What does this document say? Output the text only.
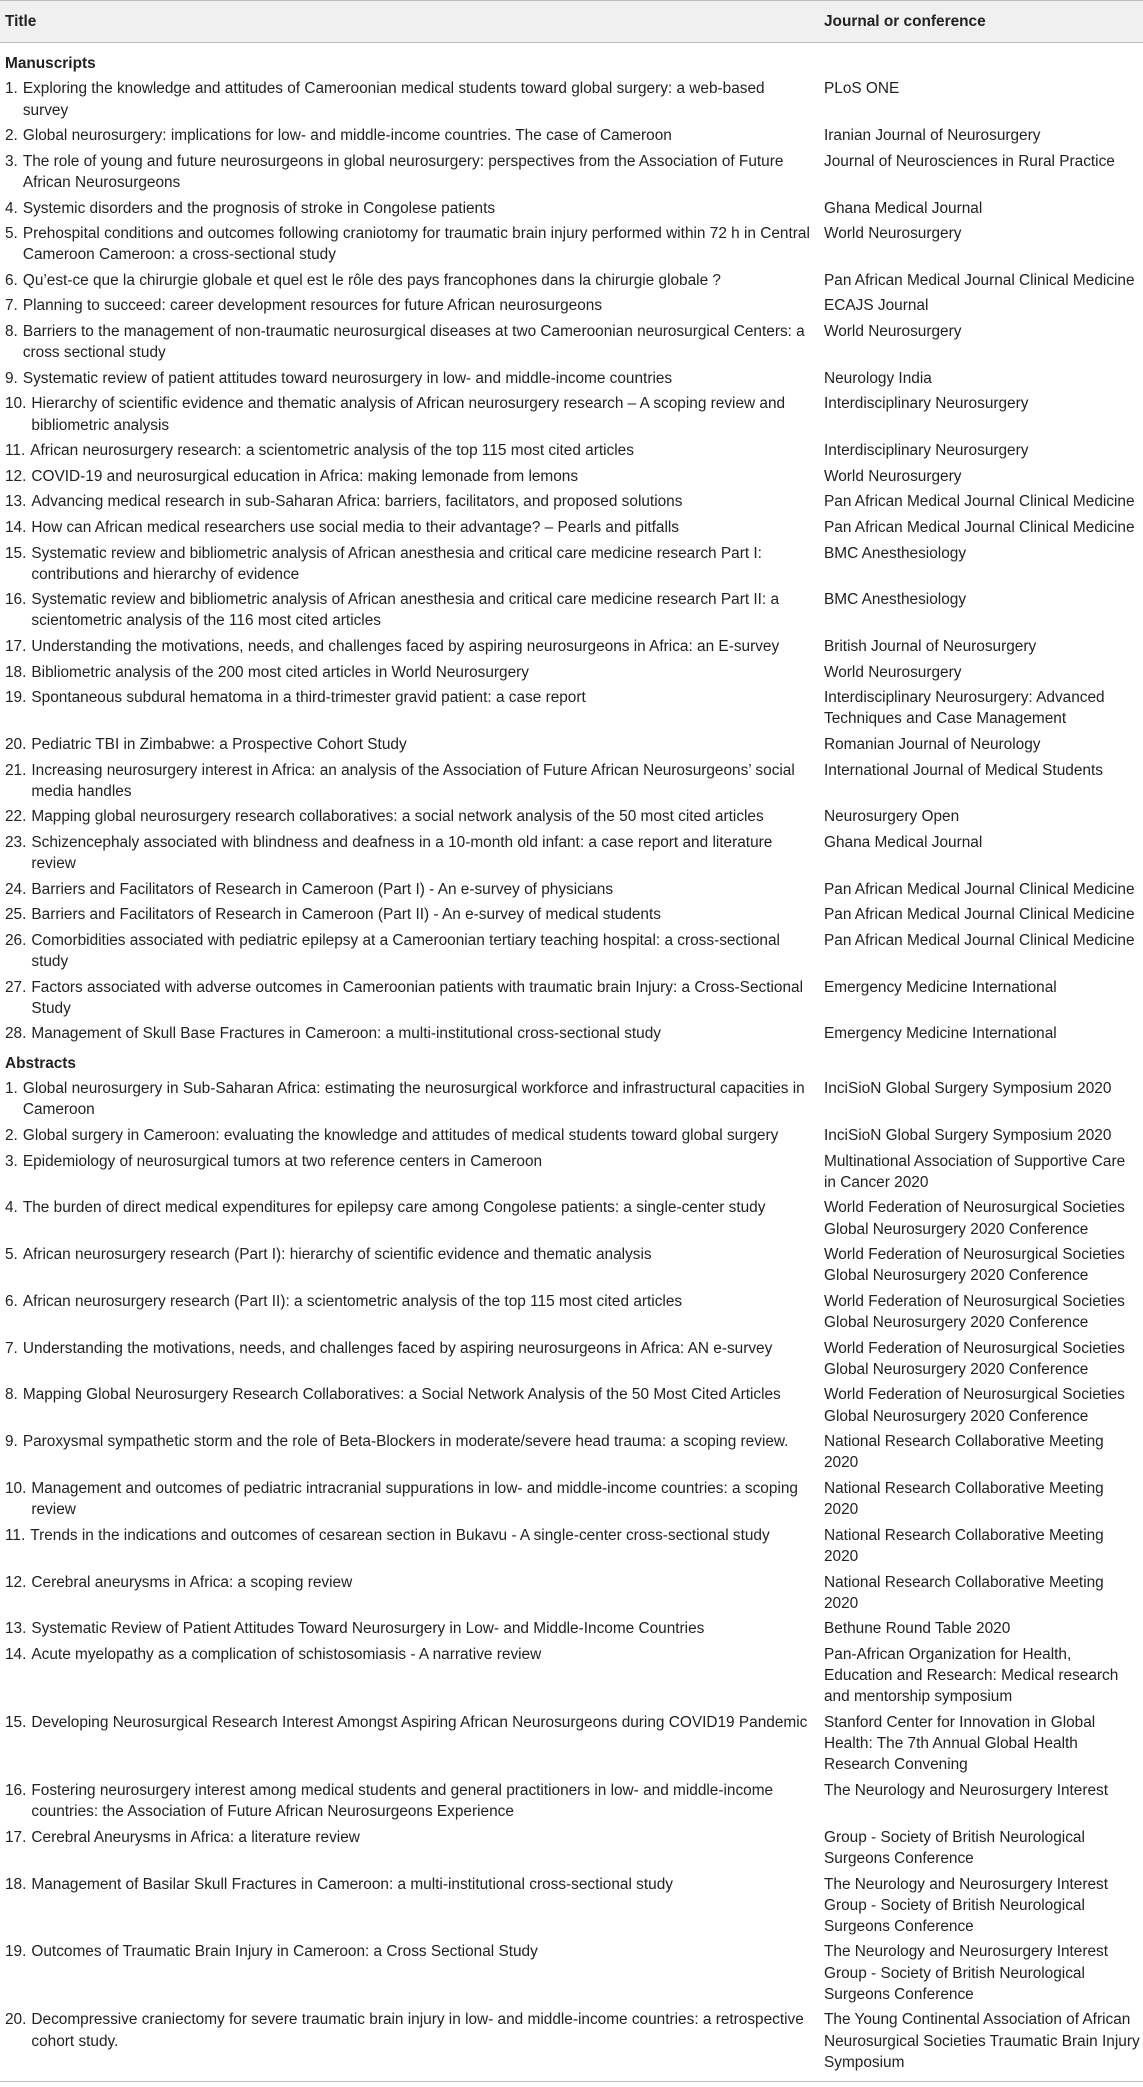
Title	Journal or conference
Manuscripts	

1. Exploring the knowledge and attitudes of Cameroonian medical students toward global surgery: a web-based survey	PLoS ONE

2. Global neurosurgery: implications for low- and middle-income countries. The case of Cameroon	Iranian Journal of Neurosurgery

3. The role of young and future neurosurgeons in global neurosurgery: perspectives from the Association of Future African Neurosurgeons	Journal of Neurosciences in Rural Practice

4. Systemic disorders and the prognosis of stroke in Congolese patients	Ghana Medical Journal

5. Prehospital conditions and outcomes following craniotomy for traumatic brain injury performed within 72 h in Central Cameroon Cameroon: a cross-sectional study	World Neurosurgery

6. Qu’est-ce que la chirurgie globale et quel est le rôle des pays francophones dans la chirurgie globale ?	Pan African Medical Journal Clinical Medicine

7. Planning to succeed: career development resources for future African neurosurgeons	ECAJS Journal

8. Barriers to the management of non-traumatic neurosurgical diseases at two Cameroonian neurosurgical Centers: a cross sectional study	World Neurosurgery

9. Systematic review of patient attitudes toward neurosurgery in low- and middle-income countries	Neurology India

10. Hierarchy of scientific evidence and thematic analysis of African neurosurgery research – A scoping review and bibliometric analysis	Interdisciplinary Neurosurgery

11. African neurosurgery research: a scientometric analysis of the top 115 most cited articles	Interdisciplinary Neurosurgery

12. COVID-19 and neurosurgical education in Africa: making lemonade from lemons	World Neurosurgery

13. Advancing medical research in sub-Saharan Africa: barriers, facilitators, and proposed solutions	Pan African Medical Journal Clinical Medicine

14. How can African medical researchers use social media to their advantage? – Pearls and pitfalls	Pan African Medical Journal Clinical Medicine

15. Systematic review and bibliometric analysis of African anesthesia and critical care medicine research Part I: contributions and hierarchy of evidence	BMC Anesthesiology

16. Systematic review and bibliometric analysis of African anesthesia and critical care medicine research Part II: a scientometric analysis of the 116 most cited articles	BMC Anesthesiology

17. Understanding the motivations, needs, and challenges faced by aspiring neurosurgeons in Africa: an E-survey	British Journal of Neurosurgery

18. Bibliometric analysis of the 200 most cited articles in World Neurosurgery	World Neurosurgery

19. Spontaneous subdural hematoma in a third-trimester gravid patient: a case report	Interdisciplinary Neurosurgery: Advanced Techniques and Case Management

20. Pediatric TBI in Zimbabwe: a Prospective Cohort Study	Romanian Journal of Neurology

21. Increasing neurosurgery interest in Africa: an analysis of the Association of Future African Neurosurgeons’ social media handles	International Journal of Medical Students

22. Mapping global neurosurgery research collaboratives: a social network analysis of the 50 most cited articles	Neurosurgery Open

23. Schizencephaly associated with blindness and deafness in a 10-month old infant: a case report and literature review	Ghana Medical Journal

24. Barriers and Facilitators of Research in Cameroon (Part I) - An e-survey of physicians	Pan African Medical Journal Clinical Medicine

25. Barriers and Facilitators of Research in Cameroon (Part II) - An e-survey of medical students	Pan African Medical Journal Clinical Medicine

26. Comorbidities associated with pediatric epilepsy at a Cameroonian tertiary teaching hospital: a cross-sectional study	Pan African Medical Journal Clinical Medicine

27. Factors associated with adverse outcomes in Cameroonian patients with traumatic brain Injury: a Cross-Sectional Study	Emergency Medicine International

28. Management of Skull Base Fractures in Cameroon: a multi-institutional cross-sectional study	Emergency Medicine International
Abstracts	

1. Global neurosurgery in Sub-Saharan Africa: estimating the neurosurgical workforce and infrastructural capacities in Cameroon	InciSioN Global Surgery Symposium 2020

2. Global surgery in Cameroon: evaluating the knowledge and attitudes of medical students toward global surgery	InciSioN Global Surgery Symposium 2020

3. Epidemiology of neurosurgical tumors at two reference centers in Cameroon	Multinational Association of Supportive Care in Cancer 2020

4. The burden of direct medical expenditures for epilepsy care among Congolese patients: a single-center study	World Federation of Neurosurgical Societies Global Neurosurgery 2020 Conference

5. African neurosurgery research (Part I): hierarchy of scientific evidence and thematic analysis	World Federation of Neurosurgical Societies Global Neurosurgery 2020 Conference

6. African neurosurgery research (Part II): a scientometric analysis of the top 115 most cited articles	World Federation of Neurosurgical Societies Global Neurosurgery 2020 Conference

7. Understanding the motivations, needs, and challenges faced by aspiring neurosurgeons in Africa: AN e-survey	World Federation of Neurosurgical Societies Global Neurosurgery 2020 Conference

8. Mapping Global Neurosurgery Research Collaboratives: a Social Network Analysis of the 50 Most Cited Articles	World Federation of Neurosurgical Societies Global Neurosurgery 2020 Conference

9. Paroxysmal sympathetic storm and the role of Beta-Blockers in moderate/severe head trauma: a scoping review.	National Research Collaborative Meeting 2020

10. Management and outcomes of pediatric intracranial suppurations in low- and middle-income countries: a scoping review	National Research Collaborative Meeting 2020

11. Trends in the indications and outcomes of cesarean section in Bukavu - A single-center cross-sectional study	National Research Collaborative Meeting 2020

12. Cerebral aneurysms in Africa: a scoping review	National Research Collaborative Meeting 2020

13. Systematic Review of Patient Attitudes Toward Neurosurgery in Low- and Middle-Income Countries	Bethune Round Table 2020

14. Acute myelopathy as a complication of schistosomiasis - A narrative review	Pan-African Organization for Health, Education and Research: Medical research and mentorship symposium

15. Developing Neurosurgical Research Interest Amongst Aspiring African Neurosurgeons during COVID19 Pandemic	Stanford Center for Innovation in Global Health: The 7th Annual Global Health Research Convening

16. Fostering neurosurgery interest among medical students and general practitioners in low- and middle-income countries: the Association of Future African Neurosurgeons Experience	The Neurology and Neurosurgery Interest

17. Cerebral Aneurysms in Africa: a literature review	Group - Society of British Neurological Surgeons Conference

18. Management of Basilar Skull Fractures in Cameroon: a multi-institutional cross-sectional study	The Neurology and Neurosurgery Interest Group - Society of British Neurological Surgeons Conference

19. Outcomes of Traumatic Brain Injury in Cameroon: a Cross Sectional Study	The Neurology and Neurosurgery Interest Group - Society of British Neurological Surgeons Conference

20. Decompressive craniectomy for severe traumatic brain injury in low- and middle-income countries: a retrospective cohort study.	The Young Continental Association of African Neurosurgical Societies Traumatic Brain Injury Symposium
